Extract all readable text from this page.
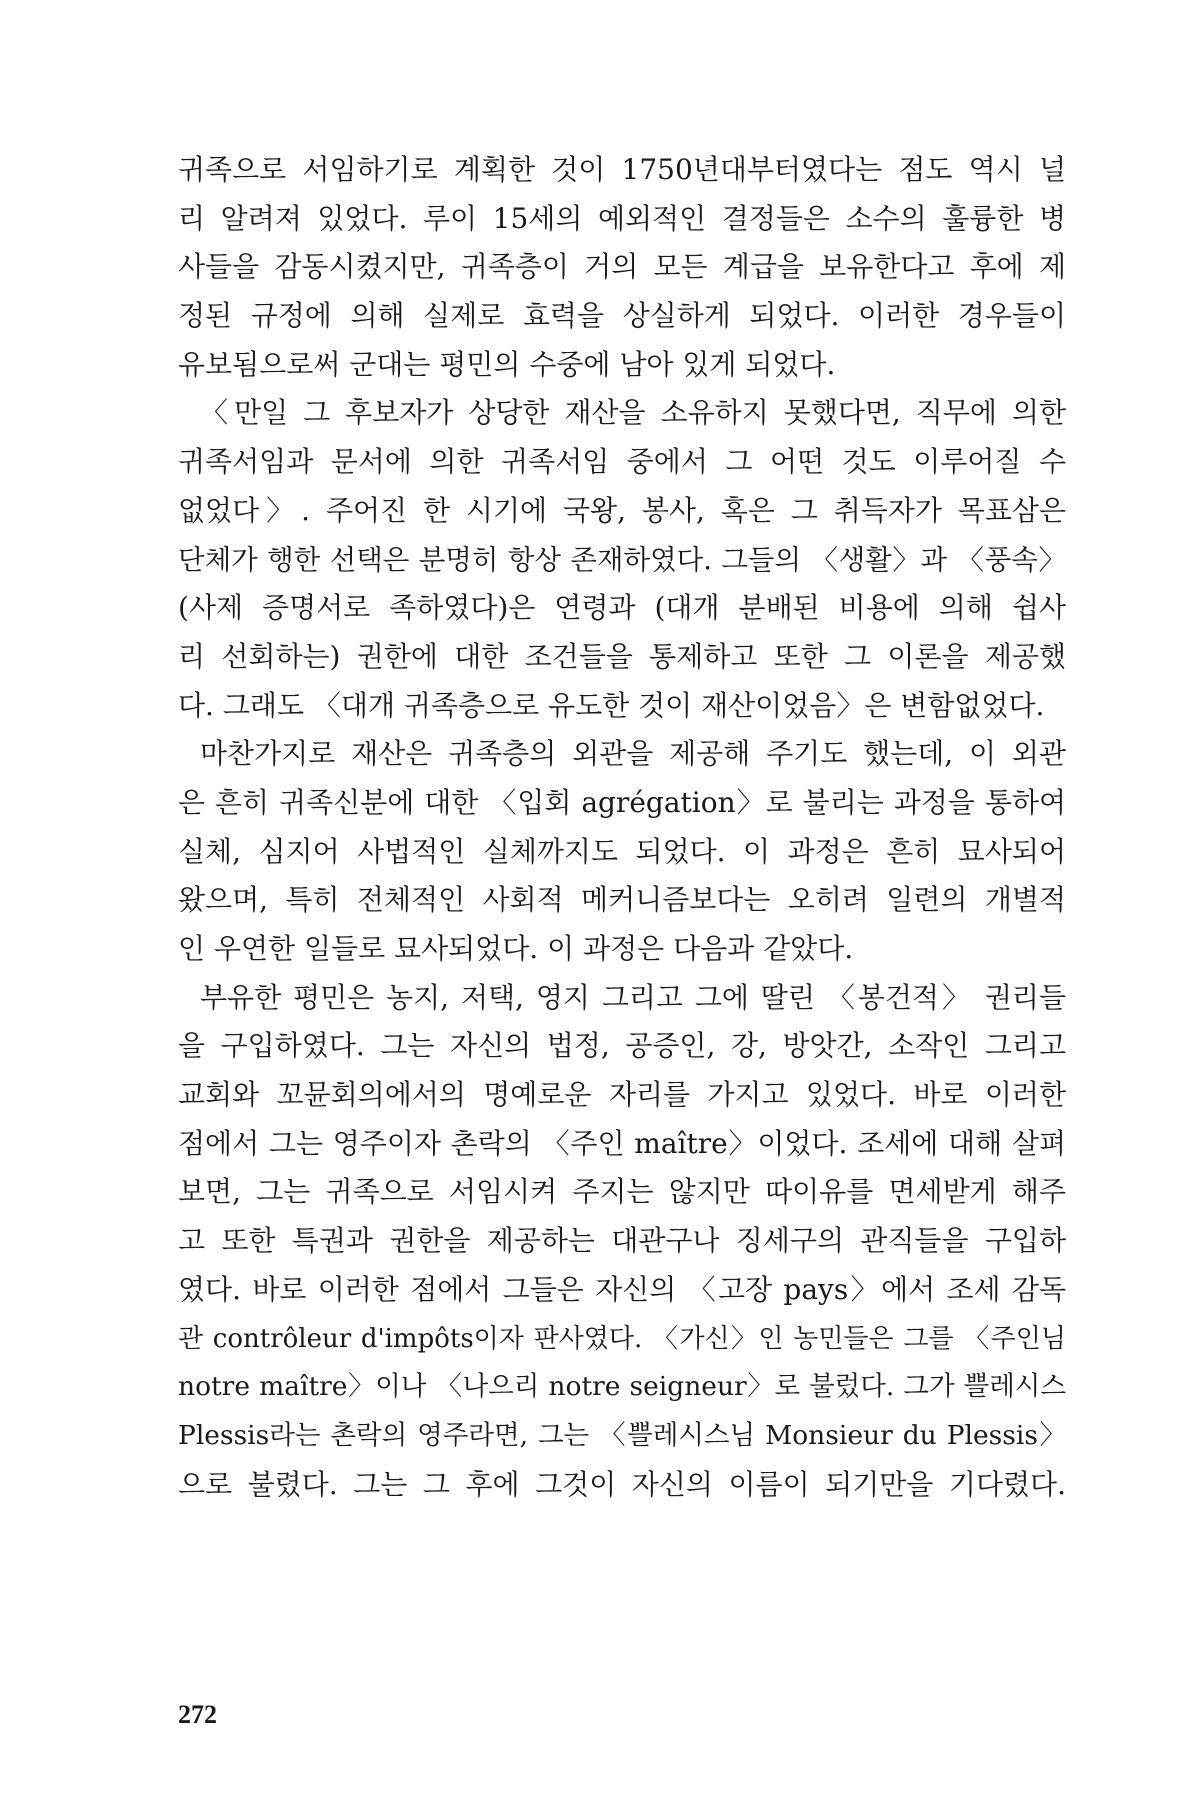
귀족으로 서임하기로 계획한 것이 1750년대부터였다는 점도 역시 널
리 알려져 있었다. 루이 15세의 예외적인 결정들은 소수의 훌륭한 병
사들을 감동시켰지만, 귀족층이 거의 모든 계급을 보유한다고 후에 제
정된 규정에 의해 실제로 효력을 상실하게 되었다. 이러한 경우들이
유보됨으로써 군대는 평민의 수중에 남아 있게 되었다.
〈만일 그 후보자가 상당한 재산을 소유하지 못했다면, 직무에 의한
귀족서임과 문서에 의한 귀족서임 중에서 그 어떤 것도 이루어질 수
없었다〉. 주어진 한 시기에 국왕, 봉사, 혹은 그 취득자가 목표삼은
단체가 행한 선택은 분명히 항상 존재하였다. 그들의 〈생활〉과 〈풍속〉
(사제 증명서로 족하였다)은 연령과 (대개 분배된 비용에 의해 쉽사
리 선회하는) 권한에 대한 조건들을 통제하고 또한 그 이론을 제공했
다. 그래도 〈대개 귀족층으로 유도한 것이 재산이었음〉은 변함없었다.
마찬가지로 재산은 귀족층의 외관을 제공해 주기도 했는데, 이 외관
은 흔히 귀족신분에 대한 〈입회 agrégation〉로 불리는 과정을 통하여
실체, 심지어 사법적인 실체까지도 되었다. 이 과정은 흔히 묘사되어
왔으며, 특히 전체적인 사회적 메커니즘보다는 오히려 일련의 개별적
인 우연한 일들로 묘사되었다. 이 과정은 다음과 같았다.
부유한 평민은 농지, 저택, 영지 그리고 그에 딸린 〈봉건적〉 권리들
을 구입하였다. 그는 자신의 법정, 공증인, 강, 방앗간, 소작인 그리고
교회와 꼬뮨회의에서의 명예로운 자리를 가지고 있었다. 바로 이러한
점에서 그는 영주이자 촌락의 〈주인 maître〉이었다. 조세에 대해 살펴
보면, 그는 귀족으로 서임시켜 주지는 않지만 따이유를 면세받게 해주
고 또한 특권과 권한을 제공하는 대관구나 징세구의 관직들을 구입하
였다. 바로 이러한 점에서 그들은 자신의 〈고장 pays〉에서 조세 감독
관 contrôleur d'impôts이자 판사였다. 〈가신〉인 농민들은 그를 〈주인님
notre maître〉이나 〈나으리 notre seigneur〉로 불렀다. 그가 쁠레시스
Plessis라는 촌락의 영주라면, 그는 〈쁠레시스님 Monsieur du Plessis〉
으로 불렸다. 그는 그 후에 그것이 자신의 이름이 되기만을 기다렸다.
272
